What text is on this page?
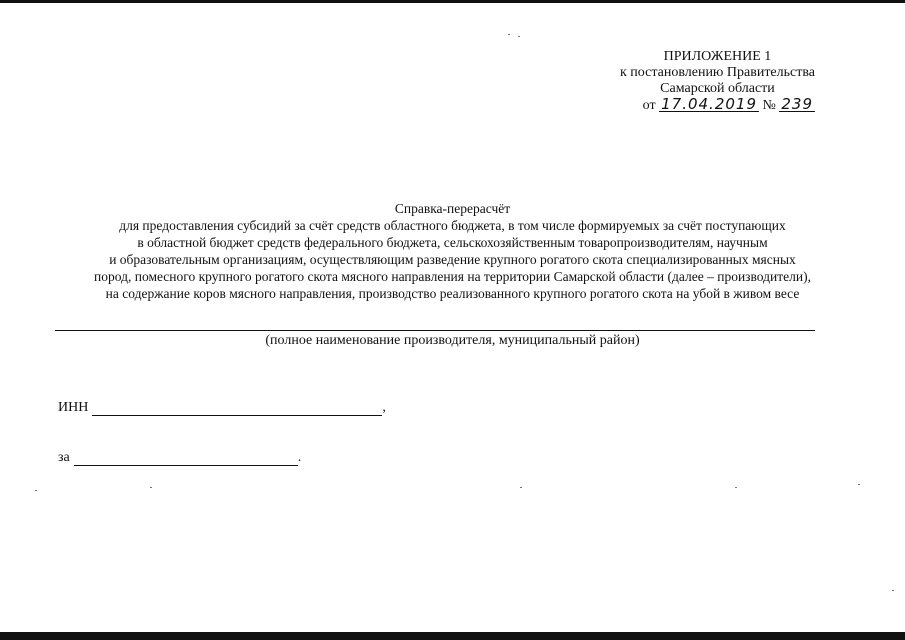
ПРИЛОЖЕНИЕ 1
к постановлению Правительства
Самарской области
от 17.04.2019 № 239
Справка-перерасчёт
для предоставления субсидий за счёт средств областного бюджета, в том числе формируемых за счёт поступающих
в областной бюджет средств федерального бюджета, сельскохозяйственным товаропроизводителям, научным
и образовательным организациям, осуществляющим разведение крупного рогатого скота специализированных мясных
пород, помесного крупного рогатого скота мясного направления на территории Самарской области (далее – производители),
на содержание коров мясного направления, производство реализованного крупного рогатого скота на убой в живом весе
(полное наименование производителя, муниципальный район)
ИНН	,
за	.
